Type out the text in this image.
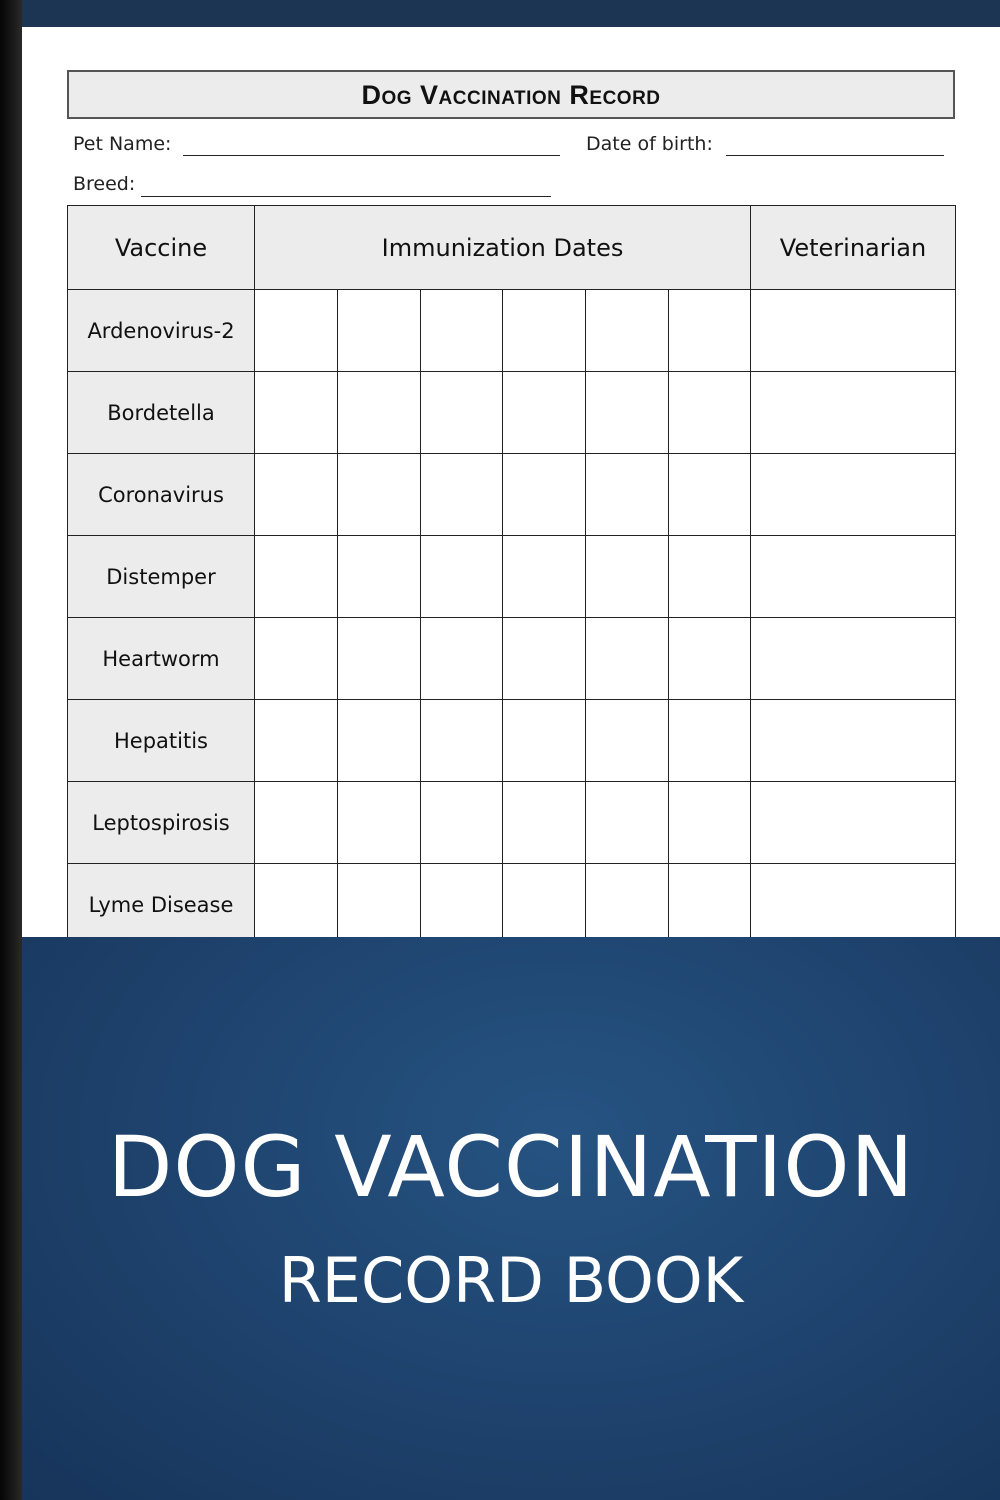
Dog Vaccination Record
Pet Name:	Date of birth:
Breed:
Vaccine	Immunization Dates						Veterinarian
Ardenovirus-2							
Bordetella							
Coronavirus							
Distemper							
Heartworm							
Hepatitis							
Leptospirosis							
Lyme Disease							
DOG VACCINATION
RECORD BOOK
